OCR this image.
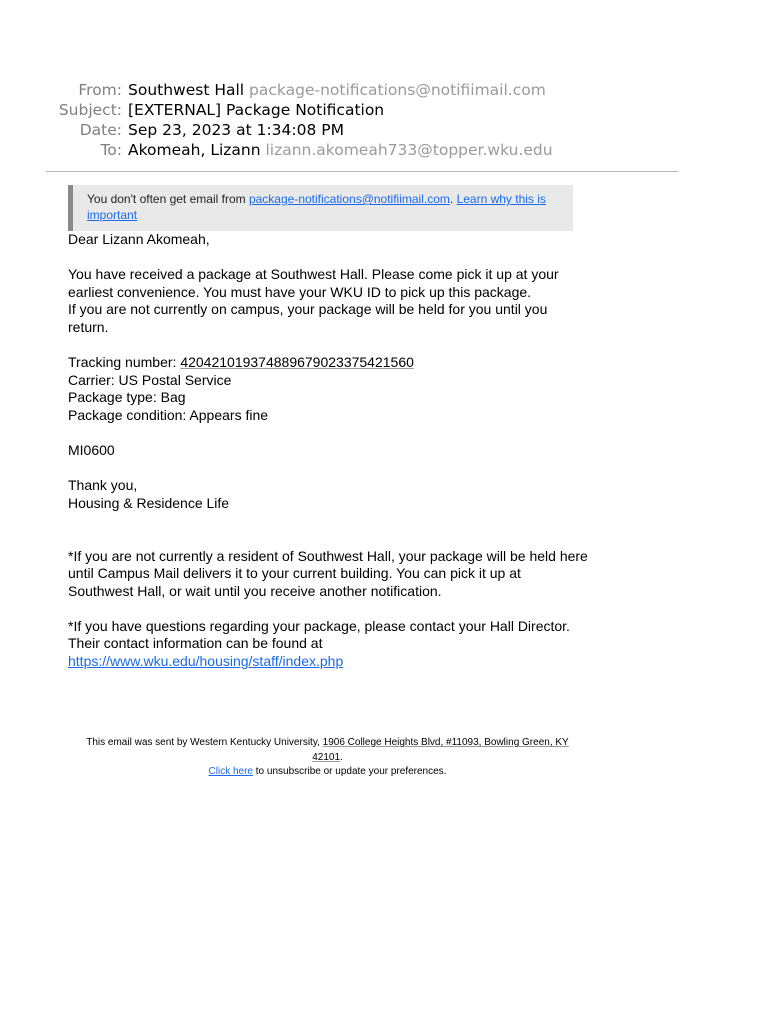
From: Southwest Hall package-notifications@notifiimail.com
Subject: [EXTERNAL] Package Notification
Date: Sep 23, 2023 at 1:34:08 PM
To: Akomeah, Lizann lizann.akomeah733@topper.wku.edu
You don't often get email from package-notifications@notifiimail.com. Learn why this is important

Dear Lizann Akomeah,

You have received a package at Southwest Hall. Please come pick it up at your earliest convenience. You must have your WKU ID to pick up this package.

If you are not currently on campus, your package will be held for you until you return.

Tracking number: 420421019374889679023375421560

Carrier: US Postal Service

Package type: Bag

Package condition: Appears fine

MI0600

Thank you,

Housing & Residence Life

*If you are not currently a resident of Southwest Hall, your package will be held here until Campus Mail delivers it to your current building. You can pick it up at Southwest Hall, or wait until you receive another notification.

*If you have questions regarding your package, please contact your Hall Director. Their contact information can be found at https://www.wku.edu/housing/staff/index.php

This email was sent by Western Kentucky University, 1906 College Heights Blvd, #11093, Bowling Green, KY 42101.

Click here to unsubscribe or update your preferences.
